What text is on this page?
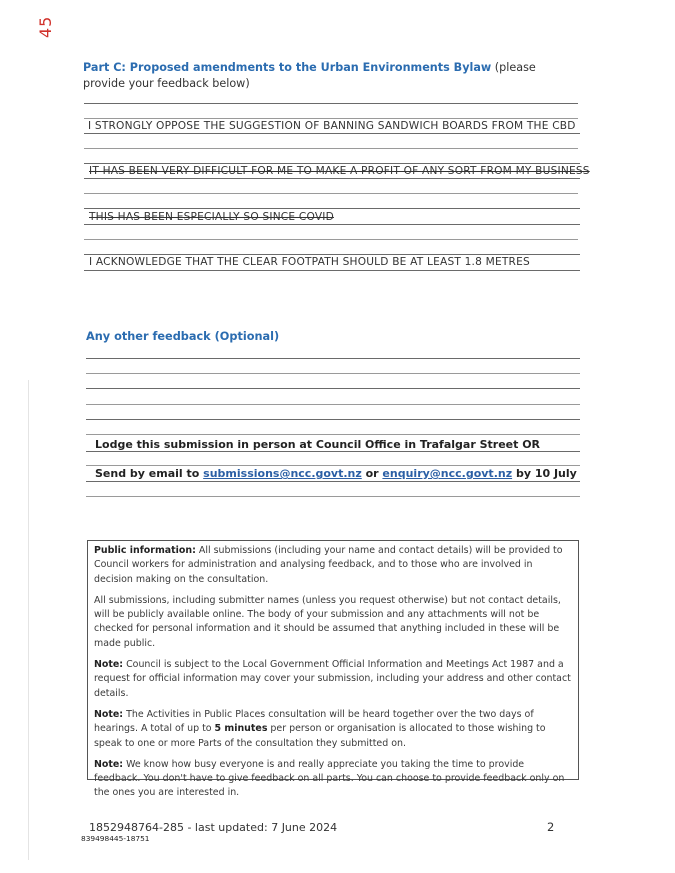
45
Part C: Proposed amendments to the Urban Environments Bylaw (please provide your feedback below)
I STRONGLY OPPOSE THE SUGGESTION OF BANNING SANDWICH BOARDS FROM THE CBD
IT HAS BEEN VERY DIFFICULT FOR ME TO MAKE A PROFIT OF ANY SORT FROM MY BUSINESS
THIS HAS BEEN ESPECIALLY SO SINCE COVID
I ACKNOWLEDGE THAT THE CLEAR FOOTPATH SHOULD BE AT LEAST 1.8 METRES
Any other feedback (Optional)
Lodge this submission in person at Council Office in Trafalgar Street OR
Send by email to submissions@ncc.govt.nz or enquiry@ncc.govt.nz by 10 July

Public information: All submissions (including your name and contact details) will be provided to Council workers for administration and analysing feedback, and to those who are involved in decision making on the consultation.

All submissions, including submitter names (unless you request otherwise) but not contact details, will be publicly available online. The body of your submission and any attachments will not be checked for personal information and it should be assumed that anything included in these will be made public.

Note: Council is subject to the Local Government Official Information and Meetings Act 1987 and a request for official information may cover your submission, including your address and other contact details.

Note: The Activities in Public Places consultation will be heard together over the two days of hearings. A total of up to 5 minutes per person or organisation is allocated to those wishing to speak to one or more Parts of the consultation they submitted on.

Note: We know how busy everyone is and really appreciate you taking the time to provide feedback. You don't have to give feedback on all parts. You can choose to provide feedback only on the ones you are interested in.

1852948764-285 - last updated: 7 June 2024
839498445-18751
2
